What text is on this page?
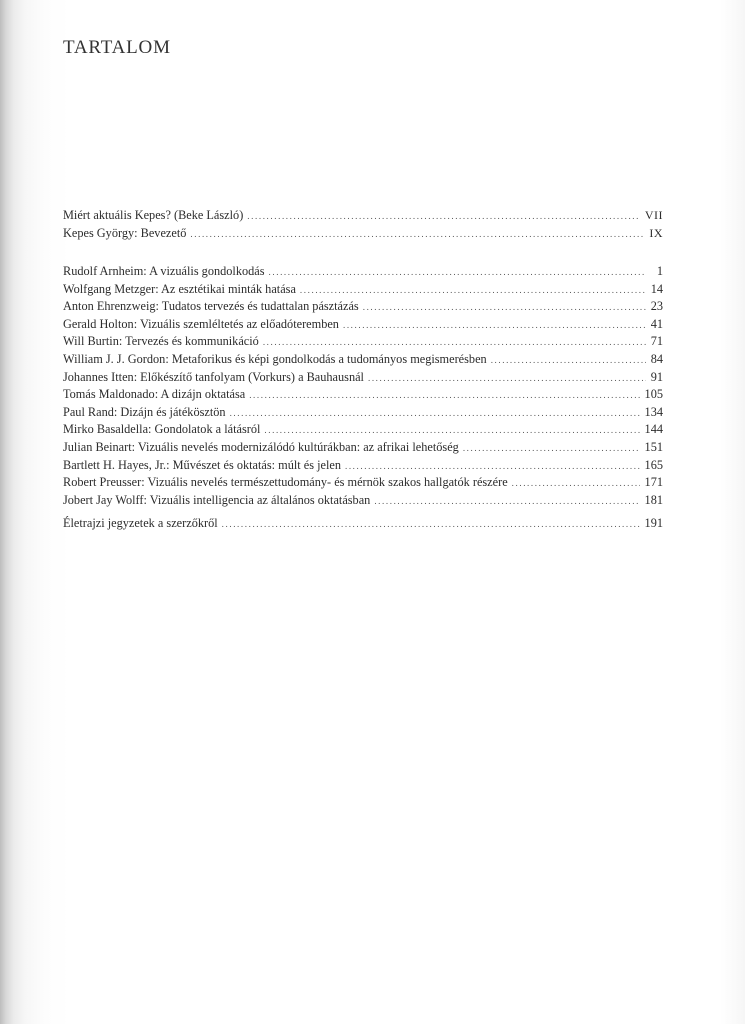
TARTALOM
Miért aktuális Kepes? (Beke László) .....	VII
Kepes György: Bevezető .....	IX
Rudolf Arnheim: A vizuális gondolkodás .....	1
Wolfgang Metzger: Az esztétikai minták hatása .....	14
Anton Ehrenzweig: Tudatos tervezés és tudattalan pásztázás .....	23
Gerald Holton: Vizuális szemléltetés az előadóteremben .....	41
Will Burtin: Tervezés és kommunikáció .....	71
William J. J. Gordon: Metaforikus és képi gondolkodás a tudományos megismerésben .....	84
Johannes Itten: Előkészítő tanfolyam (Vorkurs) a Bauhausnál .....	91
Tomás Maldonado: A dizájn oktatása .....	105
Paul Rand: Dizájn és játékösztön .....	134
Mirko Basaldella: Gondolatok a látásról .....	144
Julian Beinart: Vizuális nevelés modernizálódó kultúrákban: az afrikai lehetőség .....	151
Bartlett H. Hayes, Jr.: Művészet és oktatás: múlt és jelen .....	165
Robert Preusser: Vizuális nevelés természettudomány- és mérnök szakos hallgatók részére .....	171
Jobert Jay Wolff: Vizuális intelligencia az általános oktatásban .....	181
Életrajzi jegyzetek a szerzőkről .....	191
